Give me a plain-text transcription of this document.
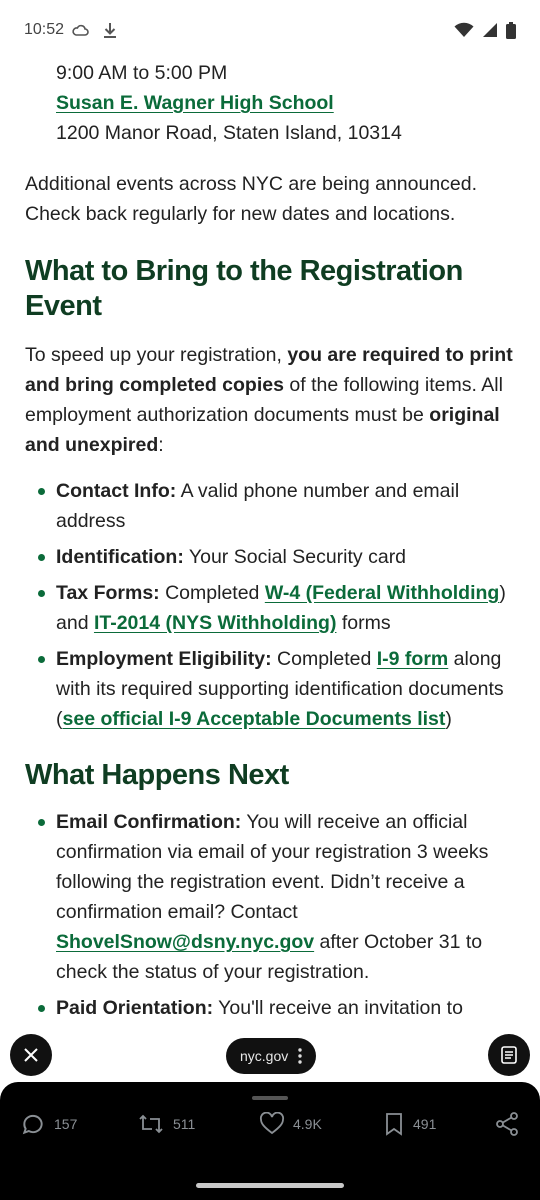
10:52
9:00 AM to 5:00 PM
Susan E. Wagner High School
1200 Manor Road, Staten Island, 10314

Additional events across NYC are being announced. Check back regularly for new dates and locations.

What to Bring to the Registration Event

To speed up your registration, you are required to print and bring completed copies of the following items. All employment authorization documents must be original and unexpired:

Contact Info: A valid phone number and email address
Identification: Your Social Security card
Tax Forms: Completed W-4 (Federal Withholding) and IT-2014 (NYS Withholding) forms
Employment Eligibility: Completed I-9 form along with its required supporting identification documents (see official I-9 Acceptable Documents list)
What Happens Next
Email Confirmation: You will receive an official confirmation via email of your registration 3 weeks following the registration event. Didn’t receive a confirmation email? Contact ShovelSnow@dsny.nyc.gov after October 31 to check the status of your registration.
Paid Orientation: You'll receive an invitation to
nyc.gov
157	511	4.9K	491
